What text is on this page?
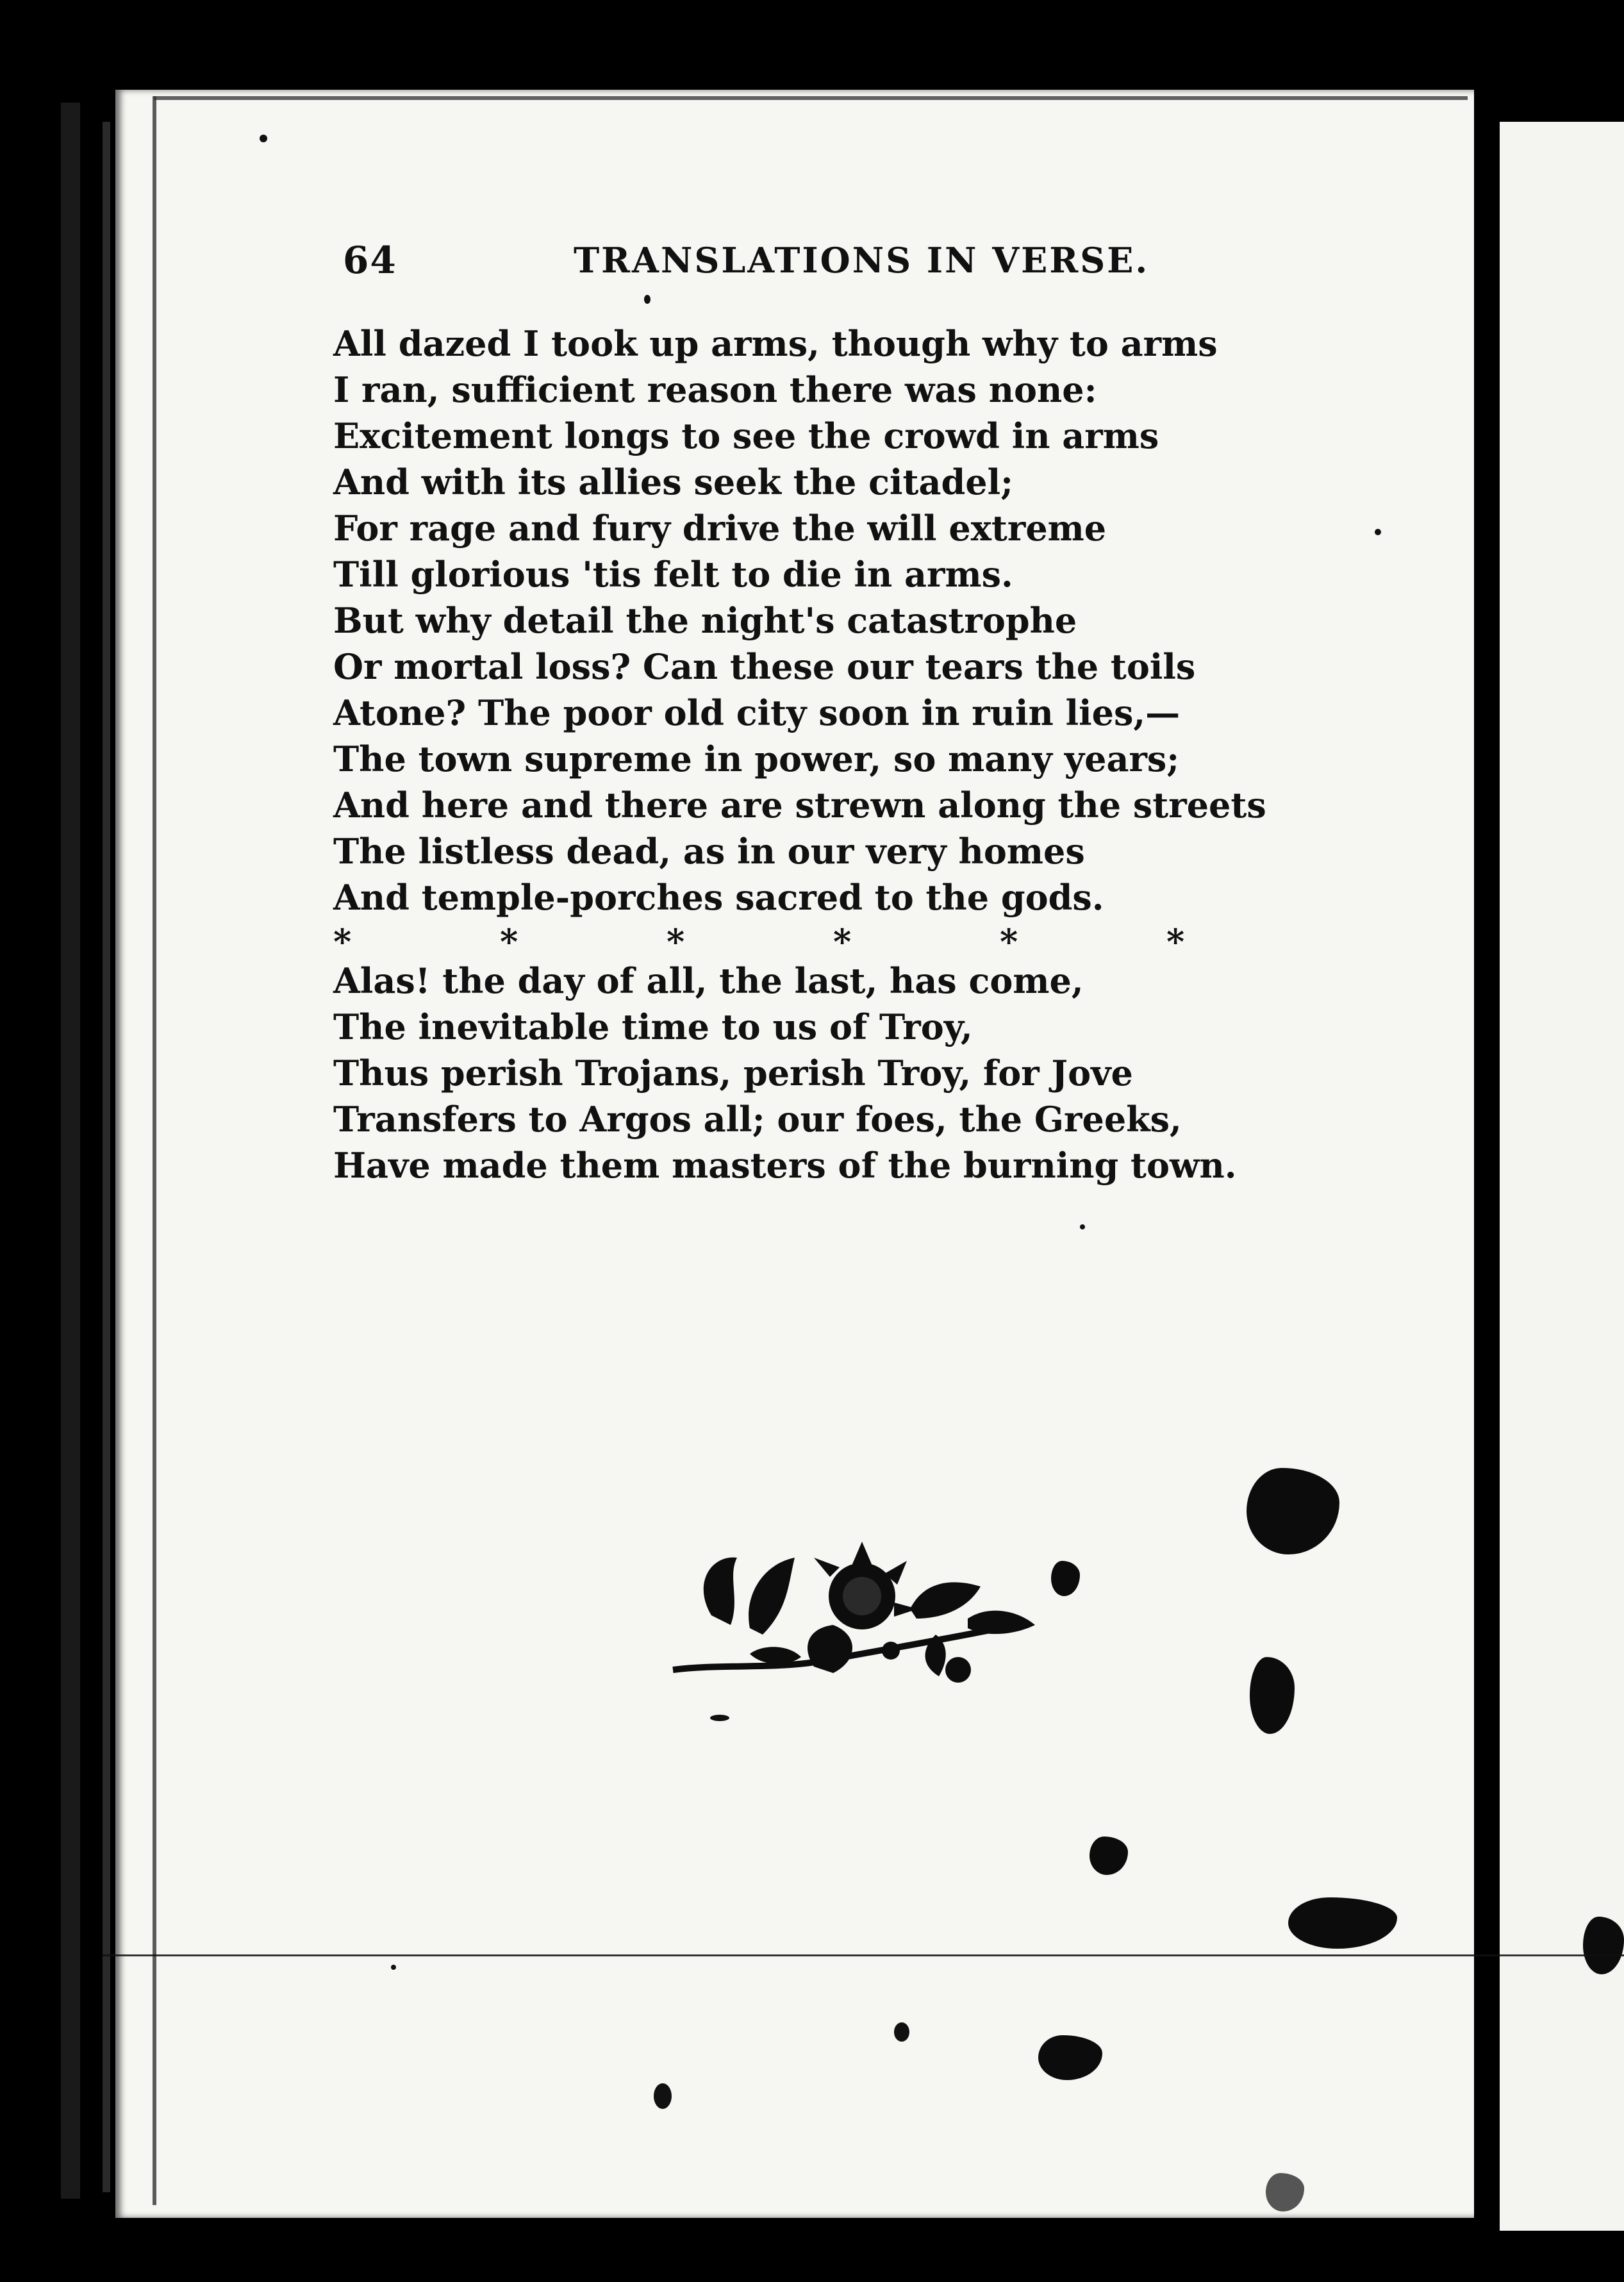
64	TRANSLATIONS IN VERSE.
All dazed I took up arms, though why to arms
I ran, sufficient reason there was none:
Excitement longs to see the crowd in arms
And with its allies seek the citadel;
For rage and fury drive the will extreme
Till glorious 'tis felt to die in arms.
But why detail the night's catastrophe
Or mortal loss? Can these our tears the toils
Atone? The poor old city soon in ruin lies,—
The town supreme in power, so many years;
And here and there are strewn along the streets
The listless dead, as in our very homes
And temple-porches sacred to the gods.
*	*	*	*	*	*
Alas! the day of all, the last, has come,
The inevitable time to us of Troy,
Thus perish Trojans, perish Troy, for Jove
Transfers to Argos all; our foes, the Greeks,
Have made them masters of the burning town.
